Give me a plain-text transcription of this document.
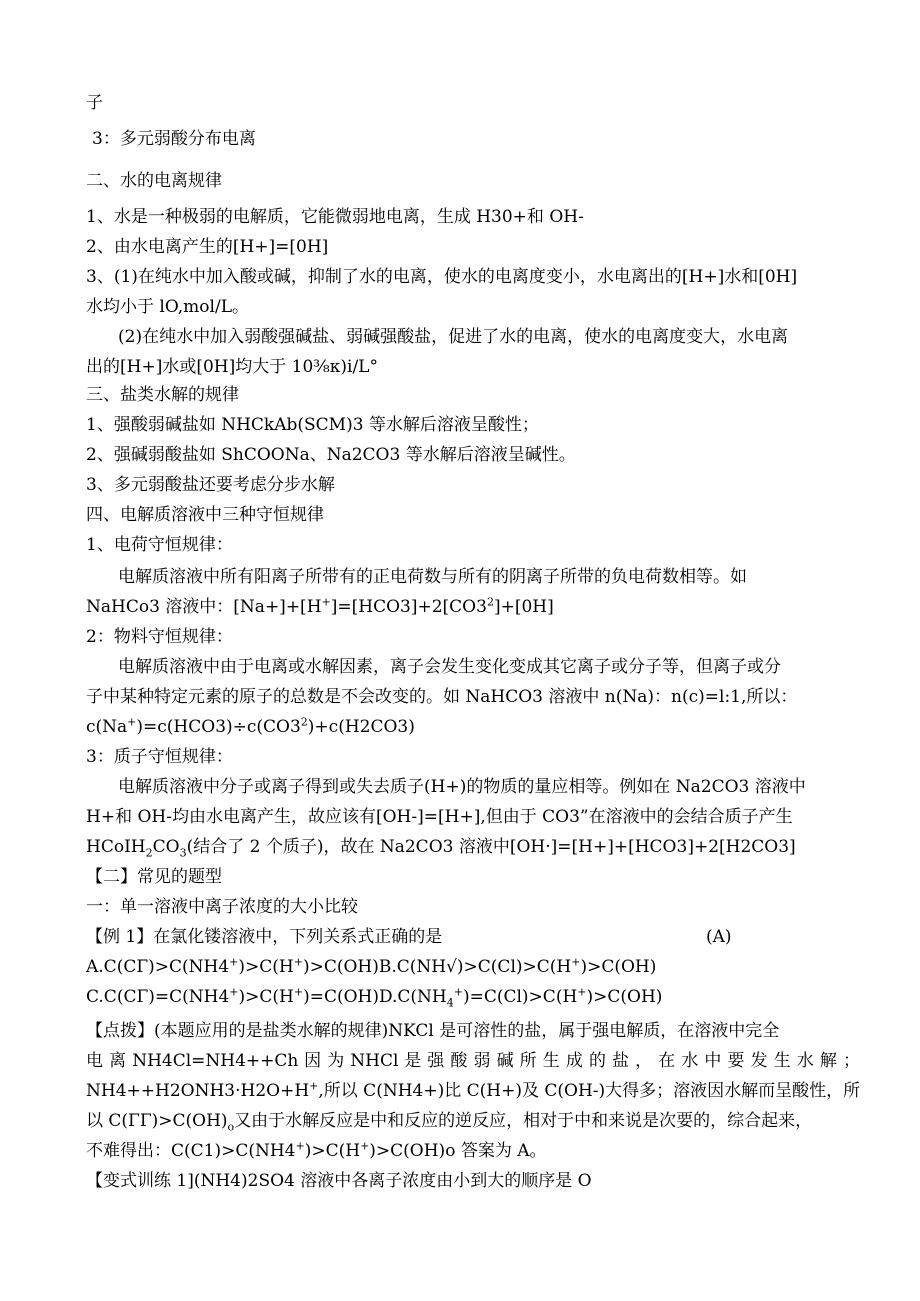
子
3：多元弱酸分布电离
二、水的电离规律
1、水是一种极弱的电解质，它能微弱地电离，生成 H30+和 OH-
2、由水电离产生的[H+]=[0H]
3、(1)在纯水中加入酸或碱，抑制了水的电离，使水的电离度变小，水电离出的[H+]水和[0H]
水均小于 lO,mol/L。
(2)在纯水中加入弱酸强碱盐、弱碱强酸盐，促进了水的电离，使水的电离度变大，水电离
出的[H+]水或[0H]均大于 10⅜κ)i∕L°
三、盐类水解的规律
1、强酸弱碱盐如 NHCkAb(SCM)3 等水解后溶液呈酸性；
2、强碱弱酸盐如 ShCOONa、Na2CO3 等水解后溶液呈碱性。
3、多元弱酸盐还要考虑分步水解
四、电解质溶液中三种守恒规律
1、电荷守恒规律：
电解质溶液中所有阳离子所带有的正电荷数与所有的阴离子所带的负电荷数相等。如
NaHCo3 溶液中：$[Na+]+[H^+]=[HCO3]+2[CO3^2]+[0H]$
2：物料守恒规律：
电解质溶液中由于电离或水解因素，离子会发生变化变成其它离子或分子等，但离子或分
子中某种特定元素的原子的总数是不会改变的。如 NaHCO3 溶液中 n(Na)：n(c)=l:1,所以：
$c(Na^+)=c(HCO3)\div c(CO3^2)+c(H2CO3)$
3：质子守恒规律：
电解质溶液中分子或离子得到或失去质子(H+)的物质的量应相等。例如在 Na2CO3 溶液中
H+和 OH-均由水电离产生，故应该有[OH-]=[H+],但由于 CO3”在溶液中的会结合质子产生
$HCoIH_2CO_3$(结合了 2 个质子)，故在 Na2CO3 溶液中[OH·]=[H+]+[HCO3]+2[H2CO3]
【二】常见的题型
一：单一溶液中离子浓度的大小比较
【例 1】在氯化镂溶液中，下列关系式正确的是	(A)
A.C(CΓ)>C(NH4+)>C(H+)>C(OH)B.C(NH√)>C(Cl)>C(H+)>C(OH)
$C.C(C\Gamma)=C(NH4^+)>C(H^+)=C(OH)D.C(NH_4^+)=C(Cl)>C(H^+)>C(OH)$
【点拨】(本题应用的是盐类水解的规律)NKCl 是可溶性的盐，属于强电解质，在溶液中完全
电 离 NH4Cl=NH4++Ch 因 为 NHCl 是 强 酸 弱 碱 所 生 成 的 盐 ， 在 水 中 要 发 生 水 解 ；
NH4++H2ONH3·H2O+H+,所以 C(NH4+)比 C(H+)及 C(OH-)大得多；溶液因水解而呈酸性，所
以 $C(\Gamma\Gamma)>C(OH)_o$又由于水解反应是中和反应的逆反应，相对于中和来说是次要的，综合起来，
不难得出：C(C1)>C(NH4+)>C(H+)>C(OH)o 答案为 A。
【变式训练 1](NH4)2SO4 溶液中各离子浓度由小到大的顺序是 O
